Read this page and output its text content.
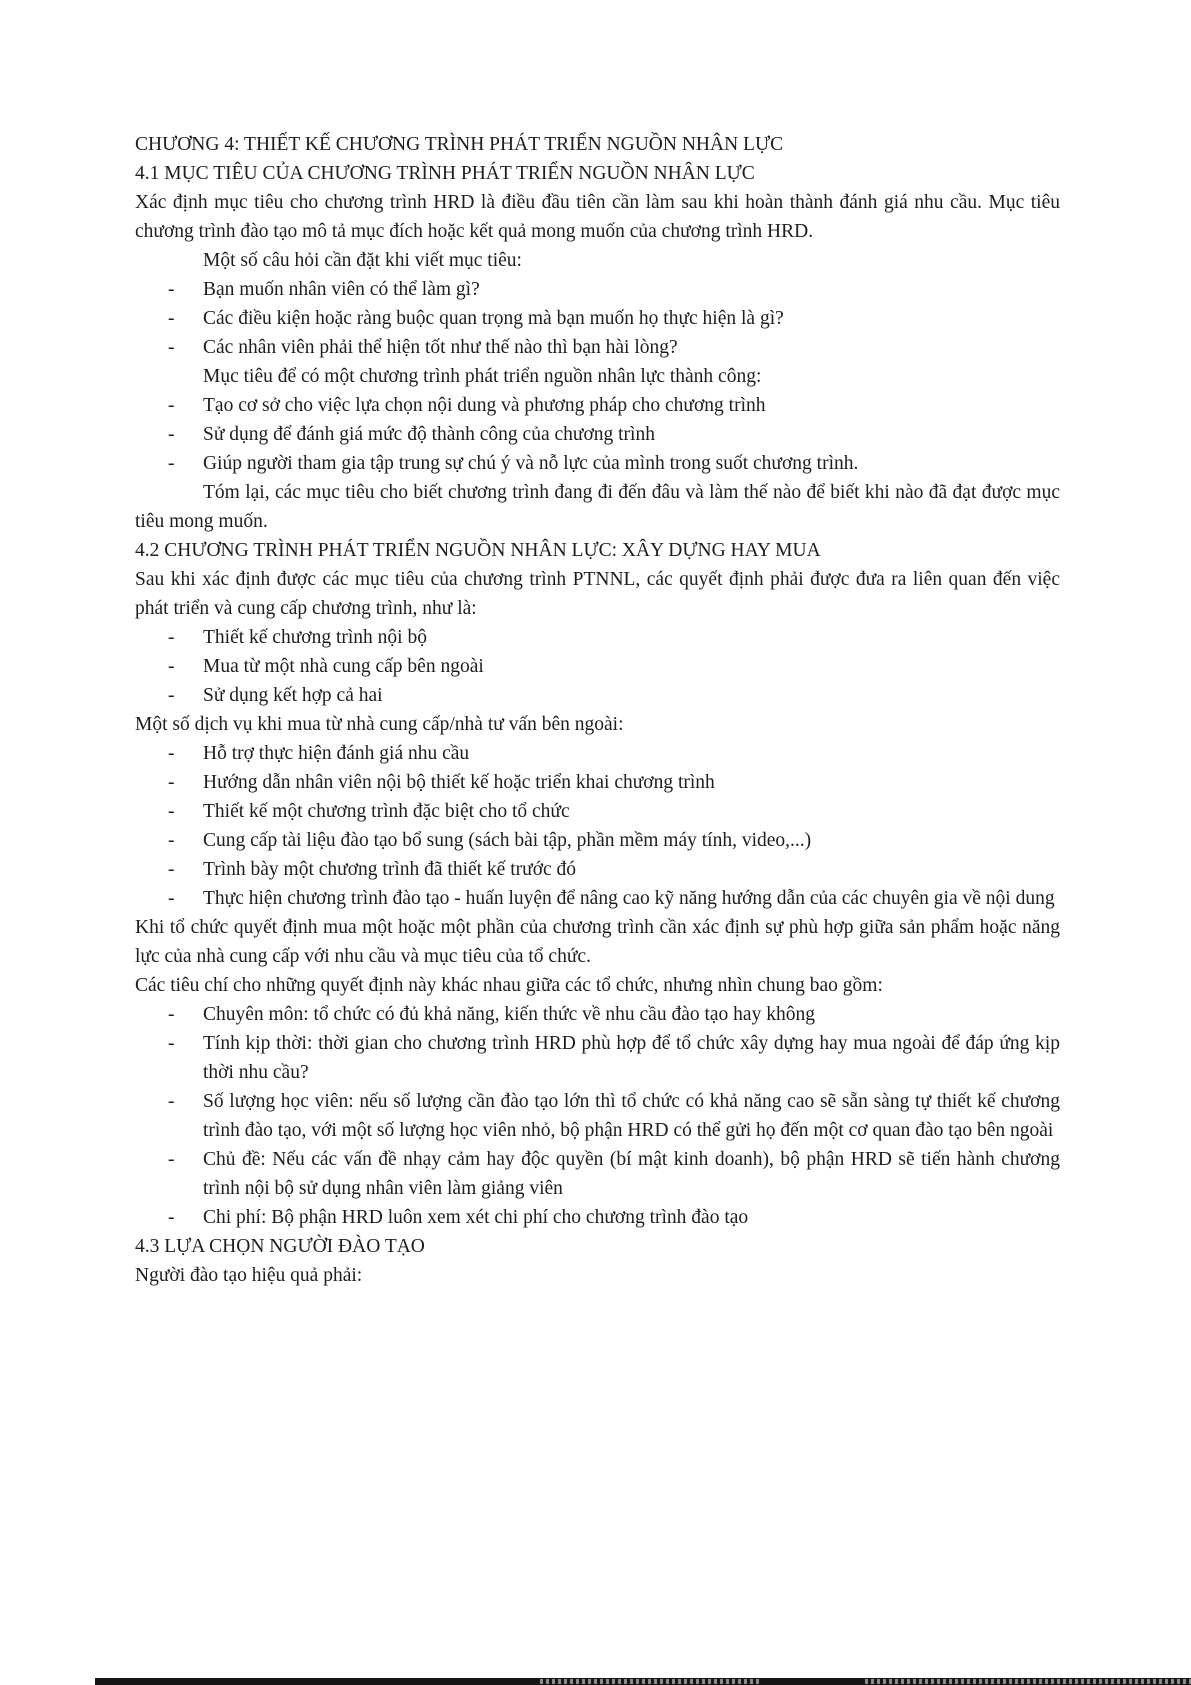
CHƯƠNG 4: THIẾT KẾ CHƯƠNG TRÌNH PHÁT TRIỂN NGUỒN NHÂN LỰC
4.1 MỤC TIÊU CỦA CHƯƠNG TRÌNH PHÁT TRIỂN NGUỒN NHÂN LỰC
Xác định mục tiêu cho chương trình HRD là điều đầu tiên cần làm sau khi hoàn thành đánh giá nhu cầu. Mục tiêu chương trình đào tạo mô tả mục đích hoặc kết quả mong muốn của chương trình HRD.
Một số câu hỏi cần đặt khi viết mục tiêu:
-	Bạn muốn nhân viên có thể làm gì?
-	Các điều kiện hoặc ràng buộc quan trọng mà bạn muốn họ thực hiện là gì?
-	Các nhân viên phải thể hiện tốt như thế nào thì bạn hài lòng?
Mục tiêu để có một chương trình phát triển nguồn nhân lực thành công:
-	Tạo cơ sở cho việc lựa chọn nội dung và phương pháp cho chương trình
-	Sử dụng để đánh giá mức độ thành công của chương trình
-	Giúp người tham gia tập trung sự chú ý và nỗ lực của mình trong suốt chương trình.
Tóm lại, các mục tiêu cho biết chương trình đang đi đến đâu và làm thế nào để biết khi nào đã đạt được mục tiêu mong muốn.
4.2 CHƯƠNG TRÌNH PHÁT TRIỂN NGUỒN NHÂN LỰC: XÂY DỰNG HAY MUA
Sau khi xác định được các mục tiêu của chương trình PTNNL, các quyết định phải được đưa ra liên quan đến việc phát triển và cung cấp chương trình, như là:
-	Thiết kế chương trình nội bộ
-	Mua từ một nhà cung cấp bên ngoài
-	Sử dụng kết hợp cả hai
Một số dịch vụ khi mua từ nhà cung cấp/nhà tư vấn bên ngoài:
-	Hỗ trợ thực hiện đánh giá nhu cầu
-	Hướng dẫn nhân viên nội bộ thiết kế hoặc triển khai chương trình
-	Thiết kế một chương trình đặc biệt cho tổ chức
-	Cung cấp tài liệu đào tạo bổ sung (sách bài tập, phần mềm máy tính, video,...)
-	Trình bày một chương trình đã thiết kế trước đó
-	Thực hiện chương trình đào tạo - huấn luyện để nâng cao kỹ năng hướng dẫn của các chuyên gia về nội dung
Khi tổ chức quyết định mua một hoặc một phần của chương trình cần xác định sự phù hợp giữa sản phẩm hoặc năng lực của nhà cung cấp với nhu cầu và mục tiêu của tổ chức.
Các tiêu chí cho những quyết định này khác nhau giữa các tổ chức, nhưng nhìn chung bao gồm:
-	Chuyên môn: tổ chức có đủ khả năng, kiến thức về nhu cầu đào tạo hay không
-	Tính kịp thời: thời gian cho chương trình HRD phù hợp để tổ chức xây dựng hay mua ngoài để đáp ứng kịp thời nhu cầu?
-	Số lượng học viên: nếu số lượng cần đào tạo lớn thì tổ chức có khả năng cao sẽ sẵn sàng tự thiết kế chương trình đào tạo, với một số lượng học viên nhỏ, bộ phận HRD có thể gửi họ đến một cơ quan đào tạo bên ngoài
-	Chủ đề: Nếu các vấn đề nhạy cảm hay độc quyền (bí mật kinh doanh), bộ phận HRD sẽ tiến hành chương trình nội bộ sử dụng nhân viên làm giảng viên
-	Chi phí: Bộ phận HRD luôn xem xét chi phí cho chương trình đào tạo
4.3 LỰA CHỌN NGƯỜI ĐÀO TẠO
Người đào tạo hiệu quả phải:
